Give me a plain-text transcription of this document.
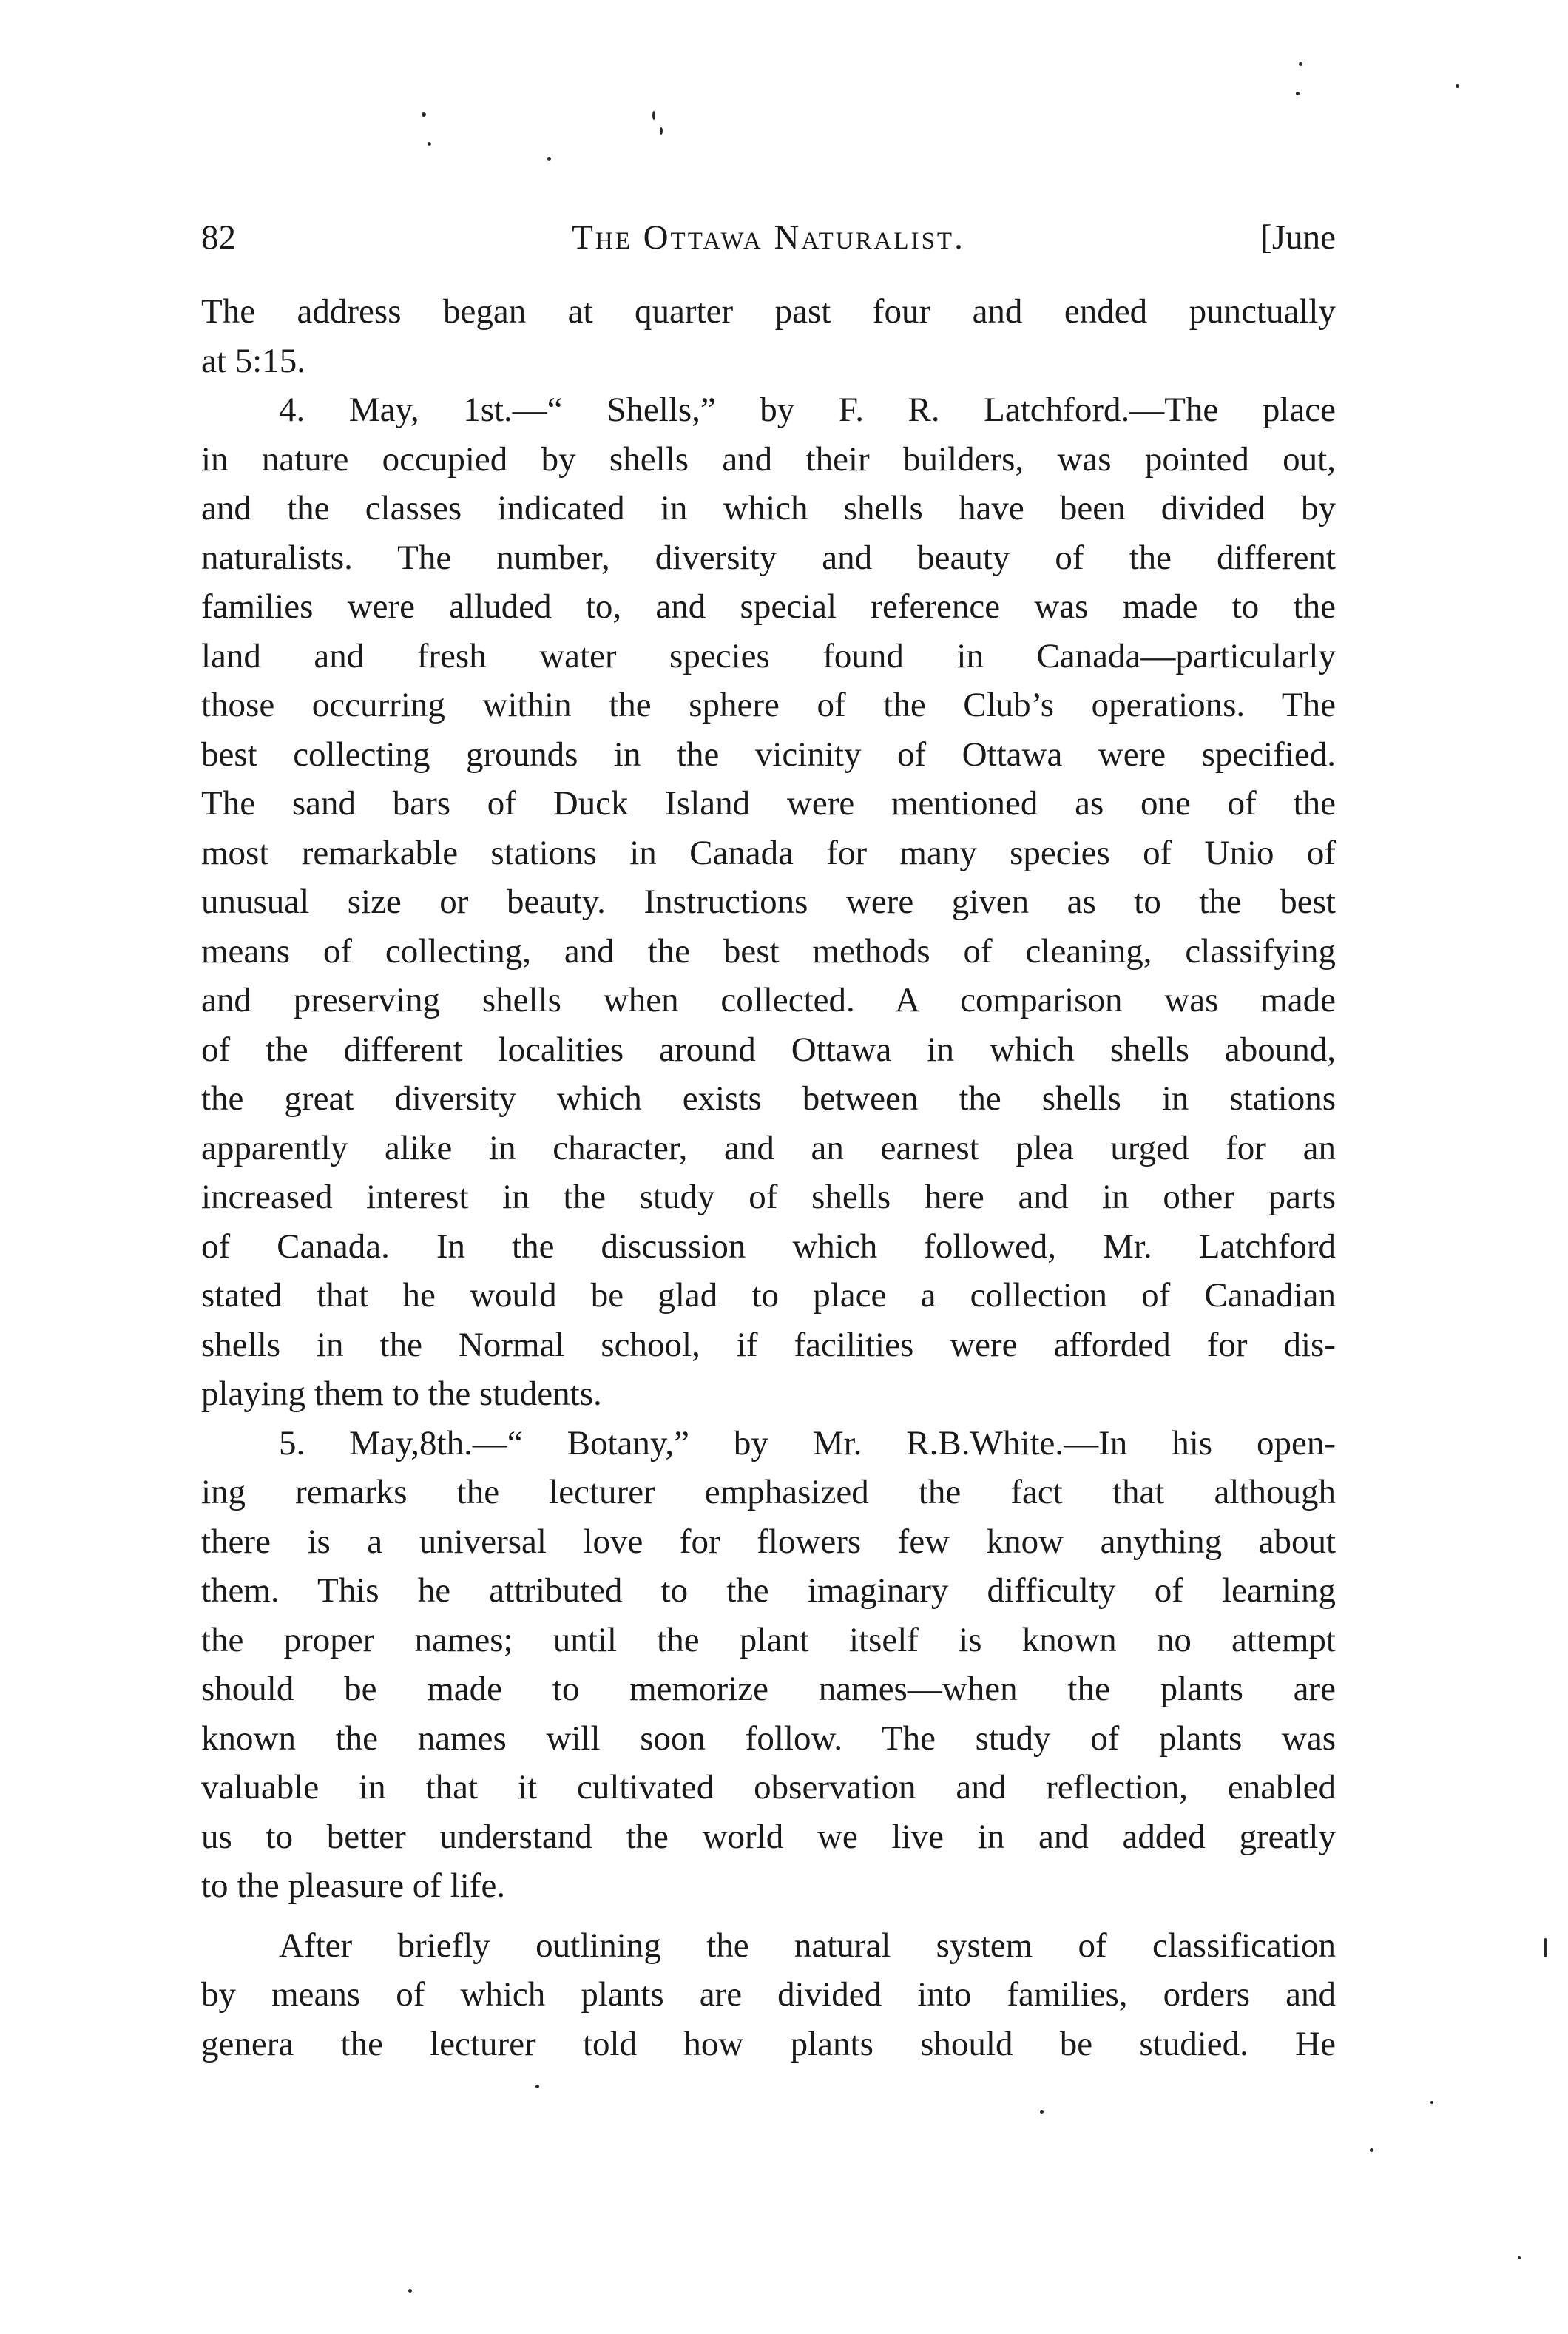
82	The Ottawa Naturalist.	[June
The address began at quarter past four and ended punctually
at 5:15.
4. May, 1st.—“ Shells,” by F. R. Latchford.—The place
in nature occupied by shells and their builders, was pointed out,
and the classes indicated in which shells have been divided by
naturalists. The number, diversity and beauty of the different
families were alluded to, and special reference was made to the
land and fresh water species found in Canada—particularly
those occurring within the sphere of the Club’s operations. The
best collecting grounds in the vicinity of Ottawa were specified.
The sand bars of Duck Island were mentioned as one of the
most remarkable stations in Canada for many species of Unio of
unusual size or beauty. Instructions were given as to the best
means of collecting, and the best methods of cleaning, classifying
and preserving shells when collected. A comparison was made
of the different localities around Ottawa in which shells abound,
the great diversity which exists between the shells in stations
apparently alike in character, and an earnest plea urged for an
increased interest in the study of shells here and in other parts
of Canada. In the discussion which followed, Mr. Latchford
stated that he would be glad to place a collection of Canadian
shells in the Normal school, if facilities were afforded for dis-
playing them to the students.
5. May,8th.—“ Botany,” by Mr. R.B.White.—In his open-
ing remarks the lecturer emphasized the fact that although
there is a universal love for flowers few know anything about
them. This he attributed to the imaginary difficulty of learning
the proper names; until the plant itself is known no attempt
should be made to memorize names—when the plants are
known the names will soon follow. The study of plants was
valuable in that it cultivated observation and reflection, enabled
us to better understand the world we live in and added greatly
to the pleasure of life.
After briefly outlining the natural system of classification
by means of which plants are divided into families, orders and
genera the lecturer told how plants should be studied. He
